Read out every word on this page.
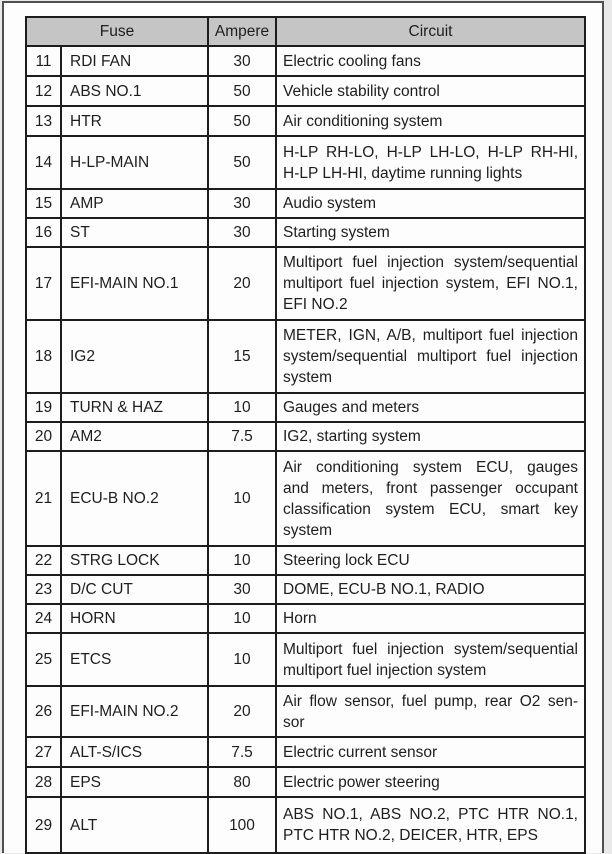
Fuse		Ampere	Circuit
11	RDI FAN	30	Electric cooling fans

12	ABS NO.1	50	Vehicle stability control

13	HTR	50	Air conditioning system

14	H-LP-MAIN	50	H-LP RH-LO, H-LP LH-LO, H-LP RH-HI,
H-LP LH-HI, daytime running lights

15	AMP	30	Audio system

16	ST	30	Starting system

17	EFI-MAIN NO.1	20	Multiport fuel injection system/sequential
multiport fuel injection system, EFI NO.1,
EFI NO.2

18	IG2	15	METER, IGN, A/B, multiport fuel injection
system/sequential multiport fuel injection
system

19	TURN & HAZ	10	Gauges and meters

20	AM2	7.5	IG2, starting system

21	ECU-B NO.2	10	Air conditioning system ECU, gauges
and meters, front passenger occupant
classification system ECU, smart key
system

22	STRG LOCK	10	Steering lock ECU

23	D/C CUT	30	DOME, ECU-B NO.1, RADIO

24	HORN	10	Horn

25	ETCS	10	Multiport fuel injection system/sequential
multiport fuel injection system

26	EFI-MAIN NO.2	20	Air flow sensor, fuel pump, rear O2 sen-
sor

27	ALT-S/ICS	7.5	Electric current sensor

28	EPS	80	Electric power steering

29	ALT	100	ABS NO.1, ABS NO.2, PTC HTR NO.1,
PTC HTR NO.2, DEICER, HTR, EPS
